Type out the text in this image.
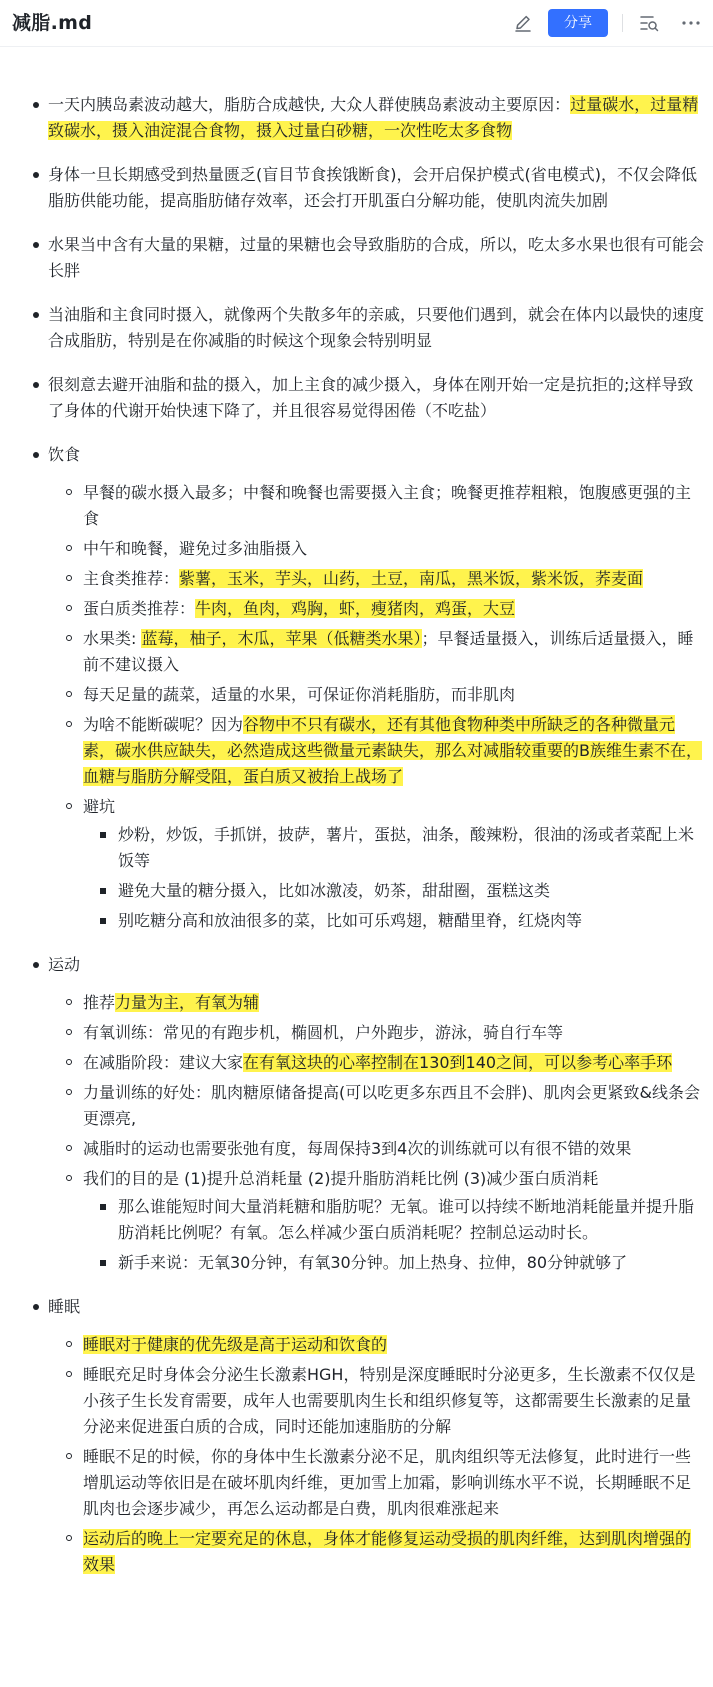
减脂.md	分享
一天内胰岛素波动越大，脂肪合成越快, 大众人群使胰岛素波动主要原因：过量碳水，过量精致碳水，摄入油淀混合食物，摄入过量白砂糖，一次性吃太多食物
身体一旦长期感受到热量匮乏(盲目节食挨饿断食)，会开启保护模式(省电模式)，不仅会降低脂肪供能功能，提高脂肪储存效率，还会打开肌蛋白分解功能，使肌肉流失加剧
水果当中含有大量的果糖，过量的果糖也会导致脂肪的合成，所以，吃太多水果也很有可能会长胖
当油脂和主食同时摄入，就像两个失散多年的亲戚，只要他们遇到，就会在体内以最快的速度合成脂肪，特别是在你减脂的时候这个现象会特别明显
很刻意去避开油脂和盐的摄入，加上主食的减少摄入，身体在刚开始一定是抗拒的;这样导致了身体的代谢开始快速下降了，并且很容易觉得困倦（不吃盐）
饮食
早餐的碳水摄入最多；中餐和晚餐也需要摄入主食；晚餐更推荐粗粮，饱腹感更强的主食
中午和晚餐，避免过多油脂摄入
主食类推荐：紫薯，玉米，芋头，山药，土豆，南瓜，黑米饭，紫米饭，荞麦面
蛋白质类推荐：牛肉，鱼肉，鸡胸，虾，瘦猪肉，鸡蛋，大豆
水果类: 蓝莓，柚子，木瓜，苹果（低糖类水果）；早餐适量摄入，训练后适量摄入，睡前不建议摄入
每天足量的蔬菜，适量的水果，可保证你消耗脂肪，而非肌肉
为啥不能断碳呢？因为谷物中不只有碳水，还有其他食物种类中所缺乏的各种微量元素，碳水供应缺失，必然造成这些微量元素缺失，那么对减脂较重要的B族维生素不在，血糖与脂肪分解受阻，蛋白质又被抬上战场了
避坑
炒粉，炒饭，手抓饼，披萨，薯片，蛋挞，油条，酸辣粉，很油的汤或者菜配上米饭等
避免大量的糖分摄入，比如冰激凌，奶茶，甜甜圈，蛋糕这类
别吃糖分高和放油很多的菜，比如可乐鸡翅，糖醋里脊，红烧肉等
运动
推荐力量为主，有氧为辅
有氧训练：常见的有跑步机，椭圆机，户外跑步，游泳，骑自行车等
在减脂阶段：建议大家在有氧这块的心率控制在130到140之间，可以参考心率手环
力量训练的好处：肌肉糖原储备提高(可以吃更多东西且不会胖)、肌肉会更紧致&线条会更漂亮,
减脂时的运动也需要张弛有度，每周保持3到4次的训练就可以有很不错的效果
我们的目的是 (1)提升总消耗量 (2)提升脂肪消耗比例 (3)减少蛋白质消耗
那么谁能短时间大量消耗糖和脂肪呢？无氧。谁可以持续不断地消耗能量并提升脂肪消耗比例呢？有氧。怎么样减少蛋白质消耗呢？控制总运动时长。
新手来说：无氧30分钟，有氧30分钟。加上热身、拉伸，80分钟就够了
睡眠
睡眠对于健康的优先级是高于运动和饮食的
睡眠充足时身体会分泌生长激素HGH，特别是深度睡眠时分泌更多，生长激素不仅仅是小孩子生长发育需要，成年人也需要肌肉生长和组织修复等，这都需要生长激素的足量分泌来促进蛋白质的合成，同时还能加速脂肪的分解
睡眠不足的时候，你的身体中生长激素分泌不足，肌肉组织等无法修复，此时进行一些增肌运动等依旧是在破坏肌肉纤维，更加雪上加霜，影响训练水平不说，长期睡眠不足肌肉也会逐步减少，再怎么运动都是白费，肌肉很难涨起来
运动后的晚上一定要充足的休息，身体才能修复运动受损的肌肉纤维，达到肌肉增强的效果
